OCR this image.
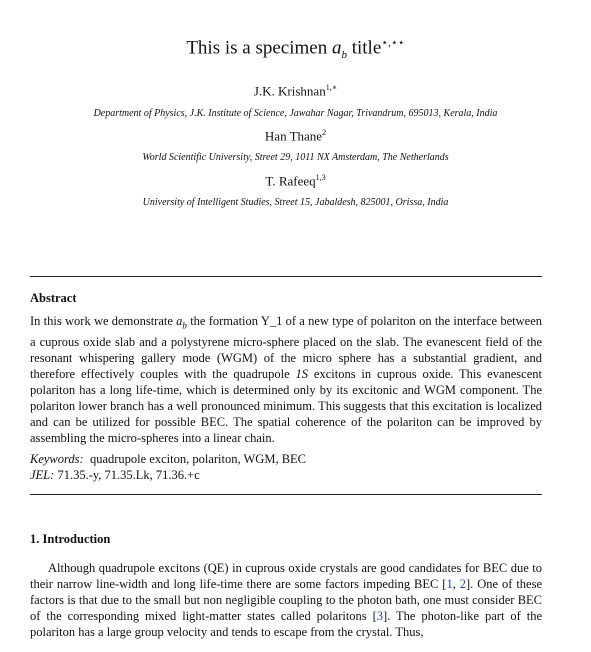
This is a specimen $a_b$ title⋆,⋆⋆
J.K. Krishnan$^{1,∗}$
Department of Physics, J.K. Institute of Science, Jawahar Nagar, Trivandrum, 695013, Kerala, India
Han Thane$^2$
World Scientific University, Street 29, 1011 NX Amsterdam, The Netherlands
T. Rafeeq$^{1,3}$
University of Intelligent Studies, Street 15, Jabaldesh, 825001, Orissa, India
Abstract
In this work we demonstrate $a_b$ the formation Y_1 of a new type of polariton on the interface between a cuprous oxide slab and a polystyrene micro-sphere placed on the slab. The evanescent field of the resonant whispering gallery mode (WGM) of the micro sphere has a substantial gradient, and therefore effectively couples with the quadrupole 1S excitons in cuprous oxide. This evanescent polariton has a long life-time, which is determined only by its excitonic and WGM component. The polariton lower branch has a well pronounced minimum. This suggests that this excitation is localized and can be utilized for possible BEC. The spatial coherence of the polariton can be improved by assembling the micro-spheres into a linear chain.
Keywords: quadrupole exciton, polariton, WGM, BEC
JEL: 71.35.-y, 71.35.Lk, 71.36.+c
1. Introduction
Although quadrupole excitons (QE) in cuprous oxide crystals are good candidates for BEC due to their narrow line-width and long life-time there are some factors impeding BEC [1, 2]. One of these factors is that due to the small but non negligible coupling to the photon bath, one must consider BEC of the corresponding mixed light-matter states called polaritons [3]. The photon-like part of the polariton has a large group velocity and tends to escape from the crystal. Thus,
